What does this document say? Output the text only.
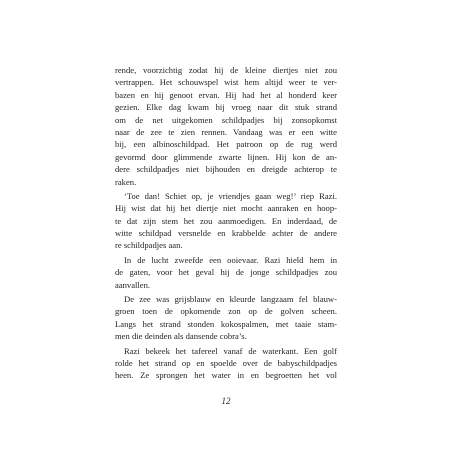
rende, voorzichtig zodat hij de kleine diertjes niet zou
vertrappen. Het schouwspel wist hem altijd weer te ver-
bazen en hij genoot ervan. Hij had het al honderd keer
gezien. Elke dag kwam hij vroeg naar dit stuk strand
om de net uitgekomen schildpadjes bij zonsopkomst
naar de zee te zien rennen. Vandaag was er een witte
bij, een albinoschildpad. Het patroon op de rug werd
gevormd door glimmende zwarte lijnen. Hij kon de an-
dere schildpadjes niet bijhouden en dreigde achterop te
raken.
‘Toe dan! Schiet op, je vriendjes gaan weg!’ riep Razi.
Hij wist dat hij het diertje niet mocht aanraken en hoop-
te dat zijn stem het zou aanmoedigen. En inderdaad, de
witte schildpad versnelde en krabbelde achter de andere
re schildpadjes aan.
In de lucht zweefde een ooievaar. Razi hield hem in
de gaten, voor het geval hij de jonge schildpadjes zou
aanvallen.
De zee was grijsblauw en kleurde langzaam fel blauw-
groen toen de opkomende zon op de golven scheen.
Langs het strand stonden kokospalmen, met taaie stam-
men die deinden als dansende cobra’s.
Razi bekeek het tafereel vanaf de waterkant. Een golf
rolde het strand op en spoelde over de babyschildpadjes
heen. Ze sprongen het water in en begroetten het vol
12
